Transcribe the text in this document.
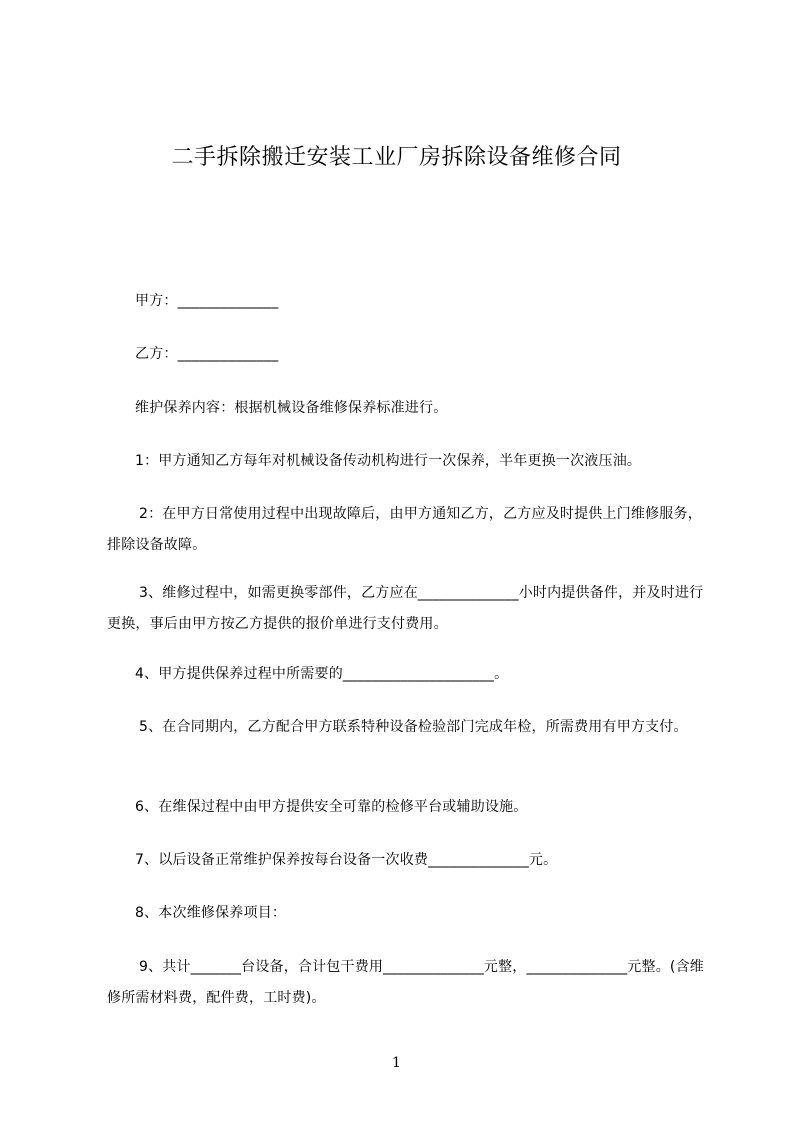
二手拆除搬迁安装工业厂房拆除设备维修合同
甲方：______________
乙方：______________
维护保养内容：根据机械设备维修保养标准进行。
1：甲方通知乙方每年对机械设备传动机构进行一次保养，半年更换一次液压油。
2：在甲方日常使用过程中出现故障后，由甲方通知乙方，乙方应及时提供上门维修服务，排除设备故障。
3、维修过程中，如需更换零部件，乙方应在______________小时内提供备件，并及时进行更换，事后由甲方按乙方提供的报价单进行支付费用。
4、甲方提供保养过程中所需要的_____________________。
5、在合同期内，乙方配合甲方联系特种设备检验部门完成年检，所需费用有甲方支付。
6、在维保过程中由甲方提供安全可靠的检修平台或辅助设施。
7、以后设备正常维护保养按每台设备一次收费______________元。
8、本次维修保养项目：
9、共计_______台设备，合计包干费用______________元整，______________元整。(含维修所需材料费，配件费，工时费)。
1
